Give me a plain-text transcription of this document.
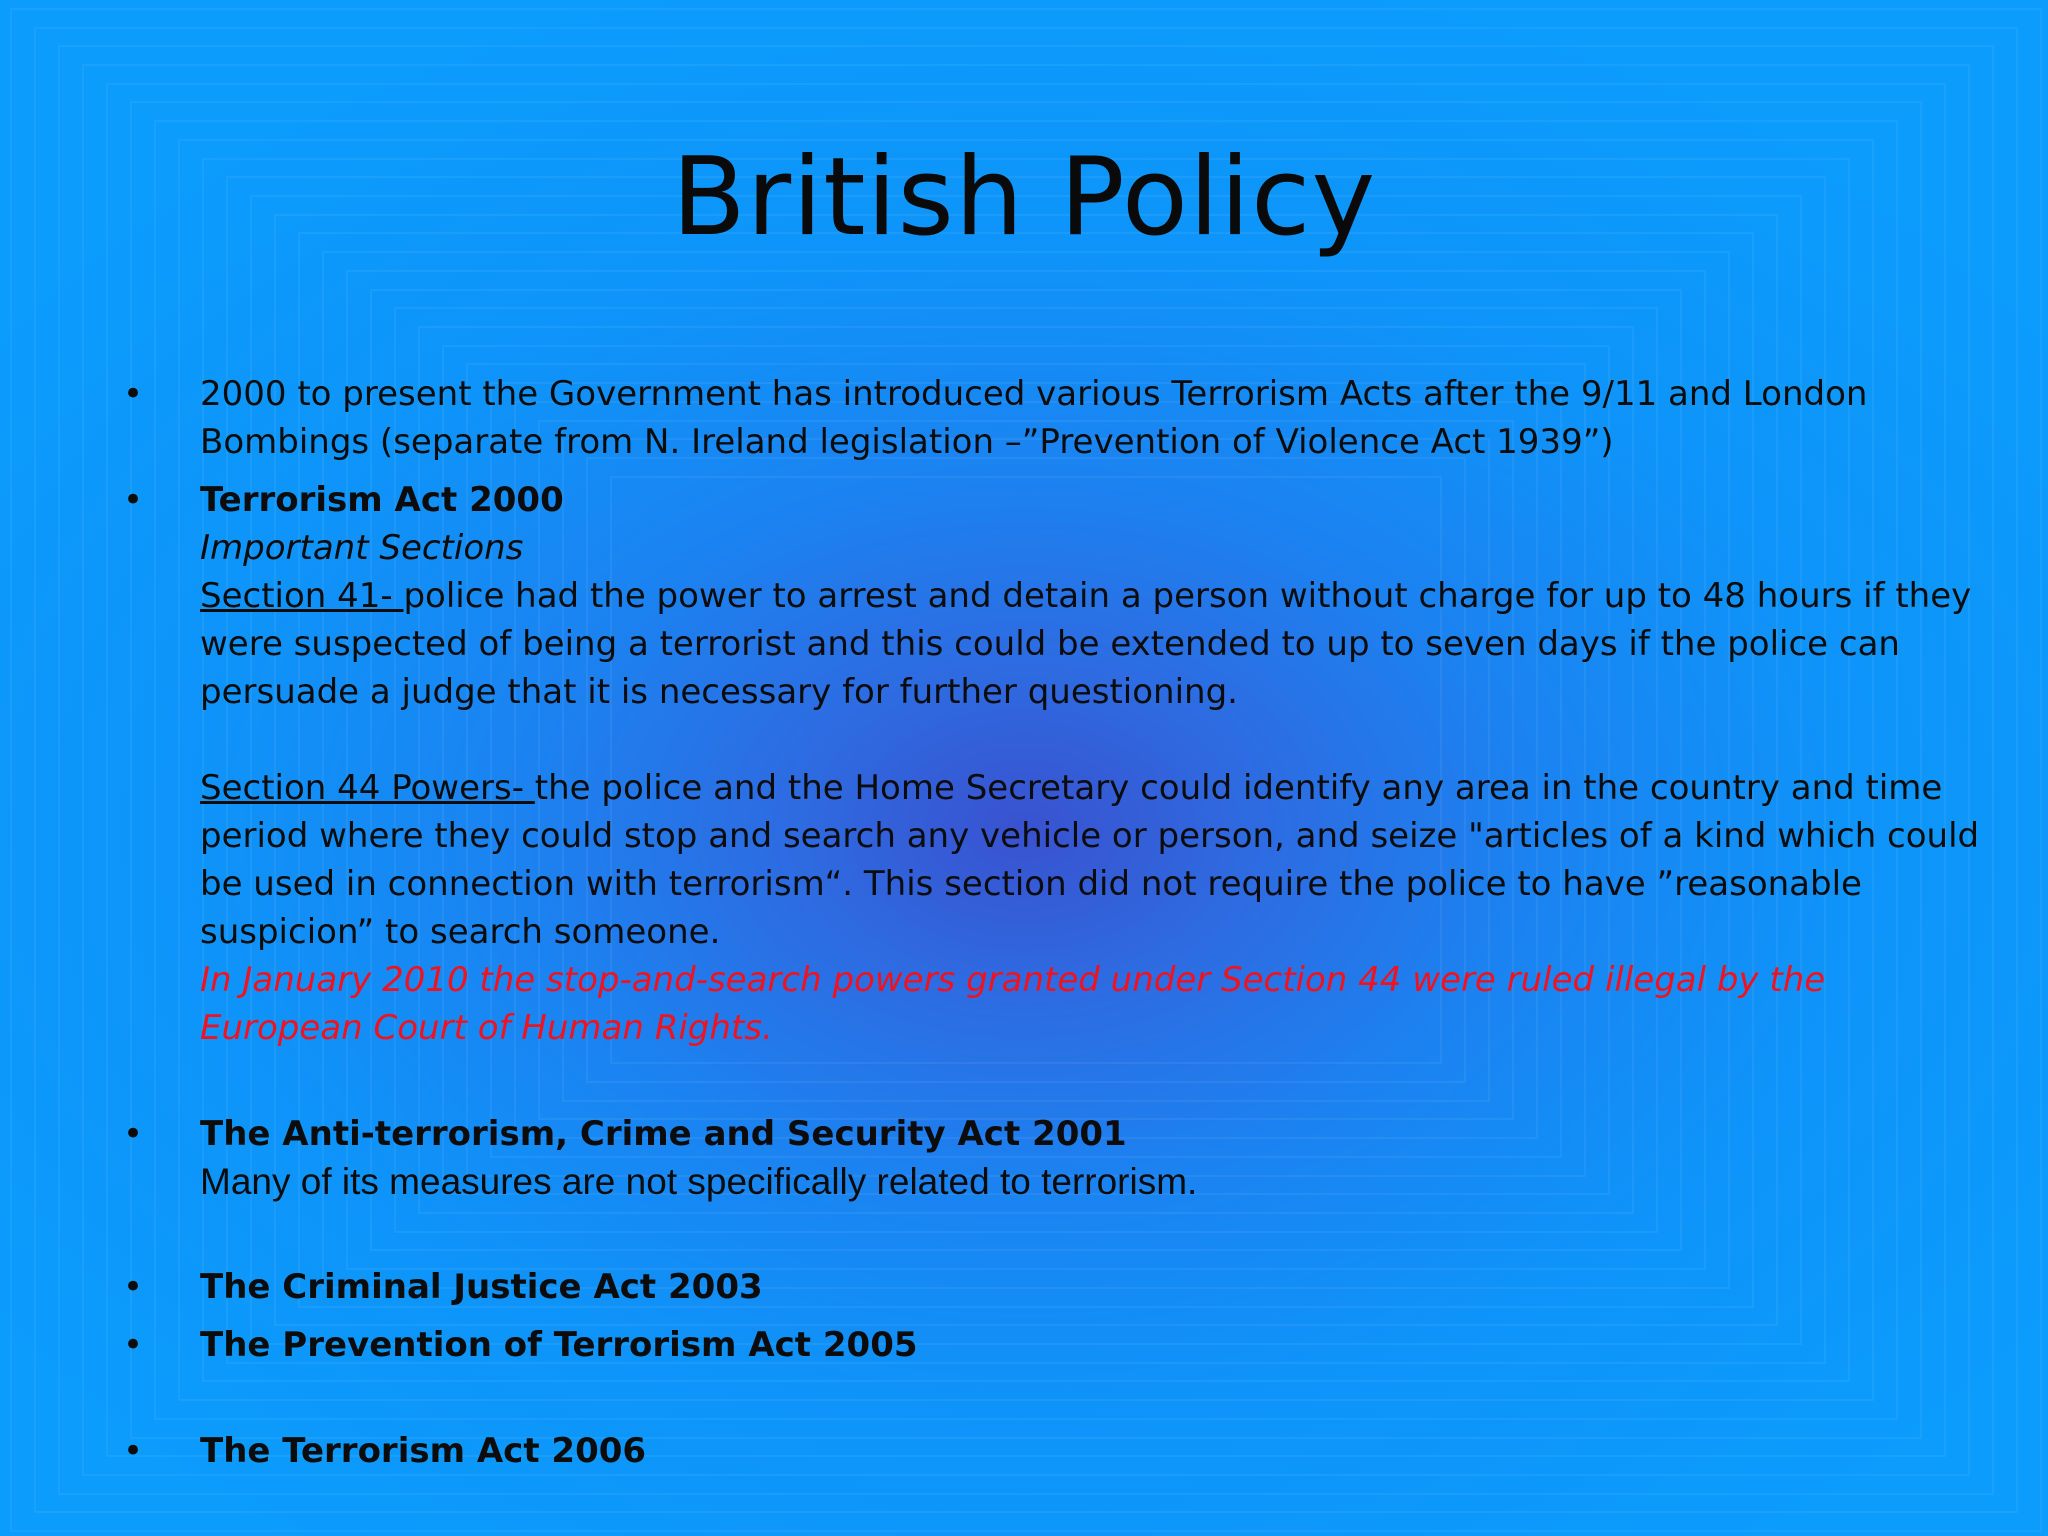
British Policy
• 2000 to present the Government has introduced various Terrorism Acts after the 9/11 and London Bombings (separate from N. Ireland legislation –”Prevention of Violence Act 1939”)
• Terrorism Act 2000
Important Sections
Section 41- police had the power to arrest and detain a person without charge for up to 48 hours if they were suspected of being a terrorist and this could be extended to up to seven days if the police can persuade a judge that it is necessary for further questioning.
Section 44 Powers- the police and the Home Secretary could identify any area in the country and time period where they could stop and search any vehicle or person, and seize "articles of a kind which could be used in connection with terrorism“. This section did not require the police to have ”reasonable suspicion” to search someone.
In January 2010 the stop-and-search powers granted under Section 44 were ruled illegal by the European Court of Human Rights.
• The Anti-terrorism, Crime and Security Act 2001
Many of its measures are not specifically related to terrorism.
• The Criminal Justice Act 2003
• The Prevention of Terrorism Act 2005
• The Terrorism Act 2006
